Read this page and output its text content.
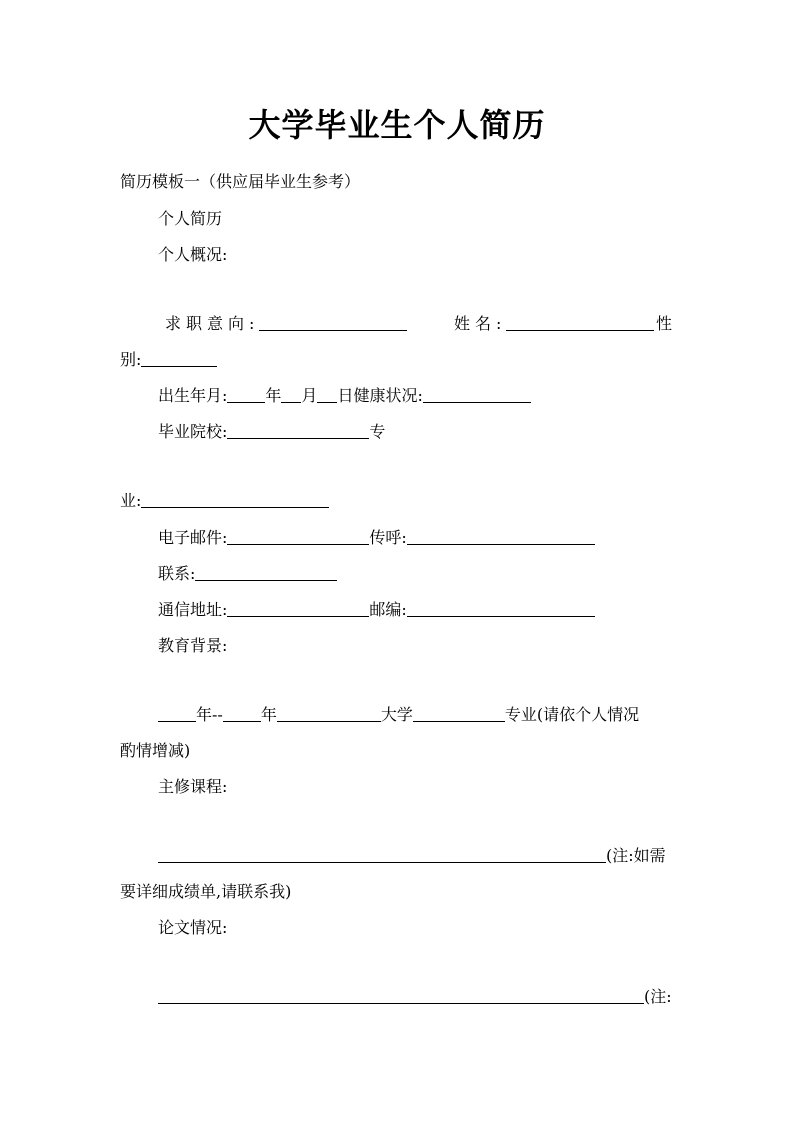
大学毕业生个人简历
简历模板一（供应届毕业生参考）
个人简历
个人概况:
求职意向:	姓名:	性
别:
出生年月: 年 月 日健康状况:
毕业院校:	专
业:
电子邮件:	传呼:
联系:
通信地址:	邮编:
教育背景:
年-- 年	大学	专业(请依个人情况
酌情增减)
主修课程:
(注:如需
要详细成绩单,请联系我)
论文情况:
(注:
